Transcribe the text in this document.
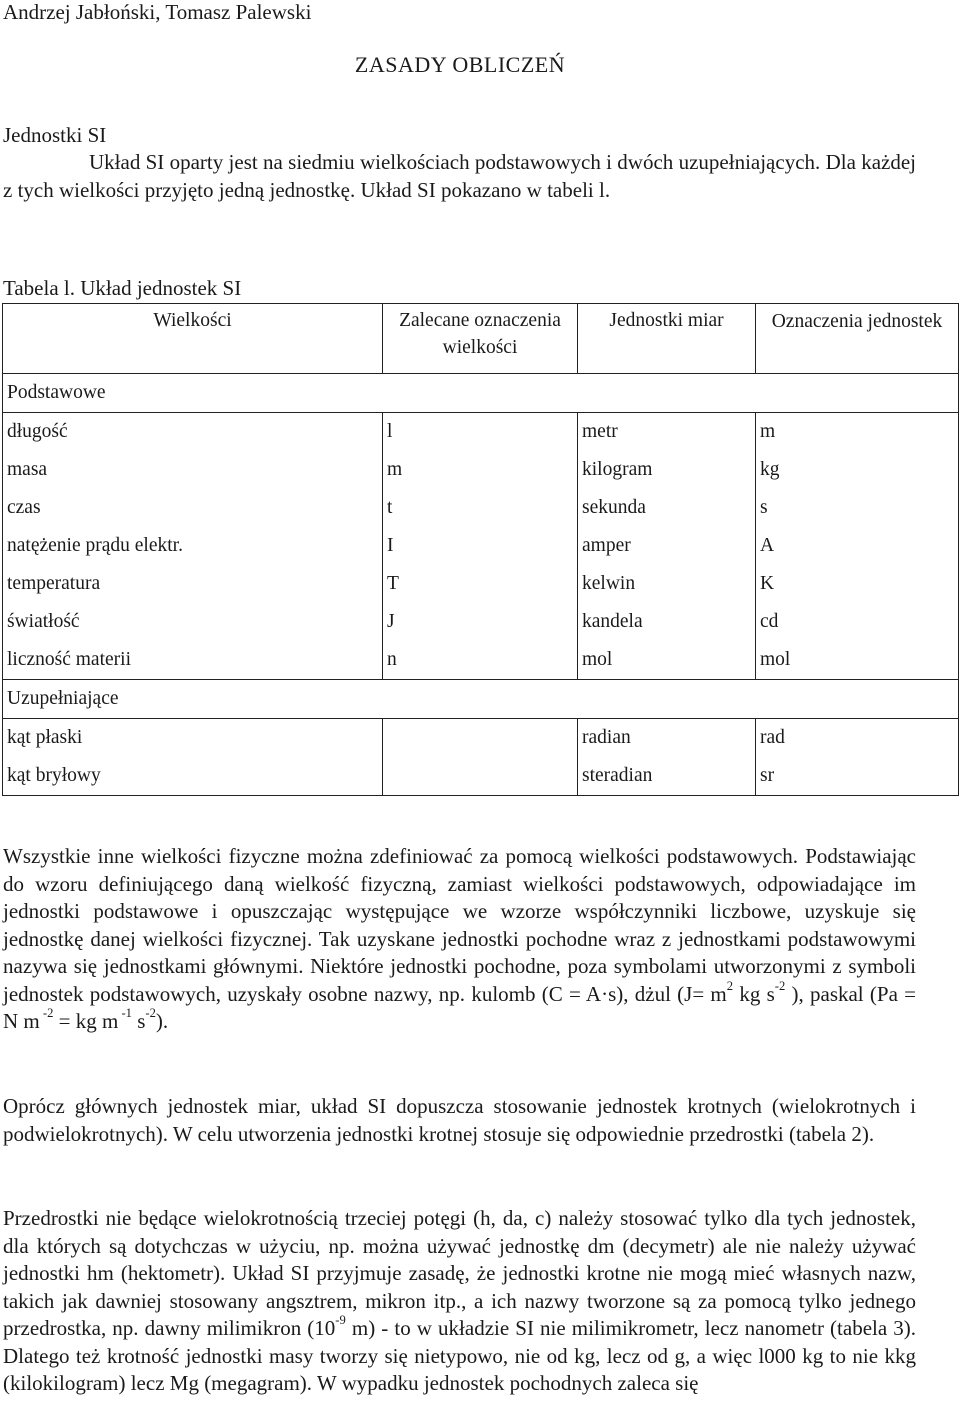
Andrzej Jabłoński, Tomasz Palewski
ZASADY OBLICZEŃ
Jednostki SI
Układ SI oparty jest na siedmiu wielkościach podstawowych i dwóch uzupełniających. Dla każdej z tych wielkości przyjęto jedną jednostkę. Układ SI pokazano w tabeli l.
Tabela l. Układ jednostek SI
Wielkości	Zalecane oznaczenia wielkości	Jednostki miar	Oznaczenia jednostek
Podstawowe			
długość	l	metr	m
masa	m	kilogram	kg
czas	t	sekunda	s
natężenie prądu elektr.	I	amper	A
temperatura	T	kelwin	K
światłość	J	kandela	cd
liczność materii	n	mol	mol
Uzupełniające			
kąt płaski		radian	rad
kąt bryłowy		steradian	sr
Wszystkie inne wielkości fizyczne można zdefiniować za pomocą wielkości podstawowych. Podstawiając do wzoru definiującego daną wielkość fizyczną, zamiast wielkości podstawowych, odpowiadające im jednostki podstawowe i opuszczając występujące we wzorze współczynniki liczbowe, uzyskuje się jednostkę danej wielkości fizycznej. Tak uzyskane jednostki pochodne wraz z jednostkami podstawowymi nazywa się jednostkami głównymi. Niektóre jednostki pochodne, poza symbolami utworzonymi z symboli jednostek podstawowych, uzyskały osobne nazwy, np. kulomb (C = A·s), dżul ($J= m^2$ kg $s^{-2}$ ), paskal (Pa = N m $^{-2}$ = kg m $^{-1}$ $s^{-2}$).
Oprócz głównych jednostek miar, układ SI dopuszcza stosowanie jednostek krotnych (wielokrotnych i podwielokrotnych). W celu utworzenia jednostki krotnej stosuje się odpowiednie przedrostki (tabela 2).
Przedrostki nie będące wielokrotnością trzeciej potęgi (h, da, c) należy stosować tylko dla tych jednostek, dla których są dotychczas w użyciu, np. można używać jednostkę dm (decymetr) ale nie należy używać jednostki hm (hektometr). Układ SI przyjmuje zasadę, że jednostki krotne nie mogą mieć własnych nazw, takich jak dawniej stosowany angsztrem, mikron itp., a ich nazwy tworzone są za pomocą tylko jednego przedrostka, np. dawny milimikron ($10^{-9}$ m) - to w układzie SI nie milimikrometr, lecz nanometr (tabela 3). Dlatego też krotność jednostki masy tworzy się nietypowo, nie od kg, lecz od g, a więc l000 kg to nie kkg (kilokilogram) lecz Mg (megagram). W wypadku jednostek pochodnych zaleca się
